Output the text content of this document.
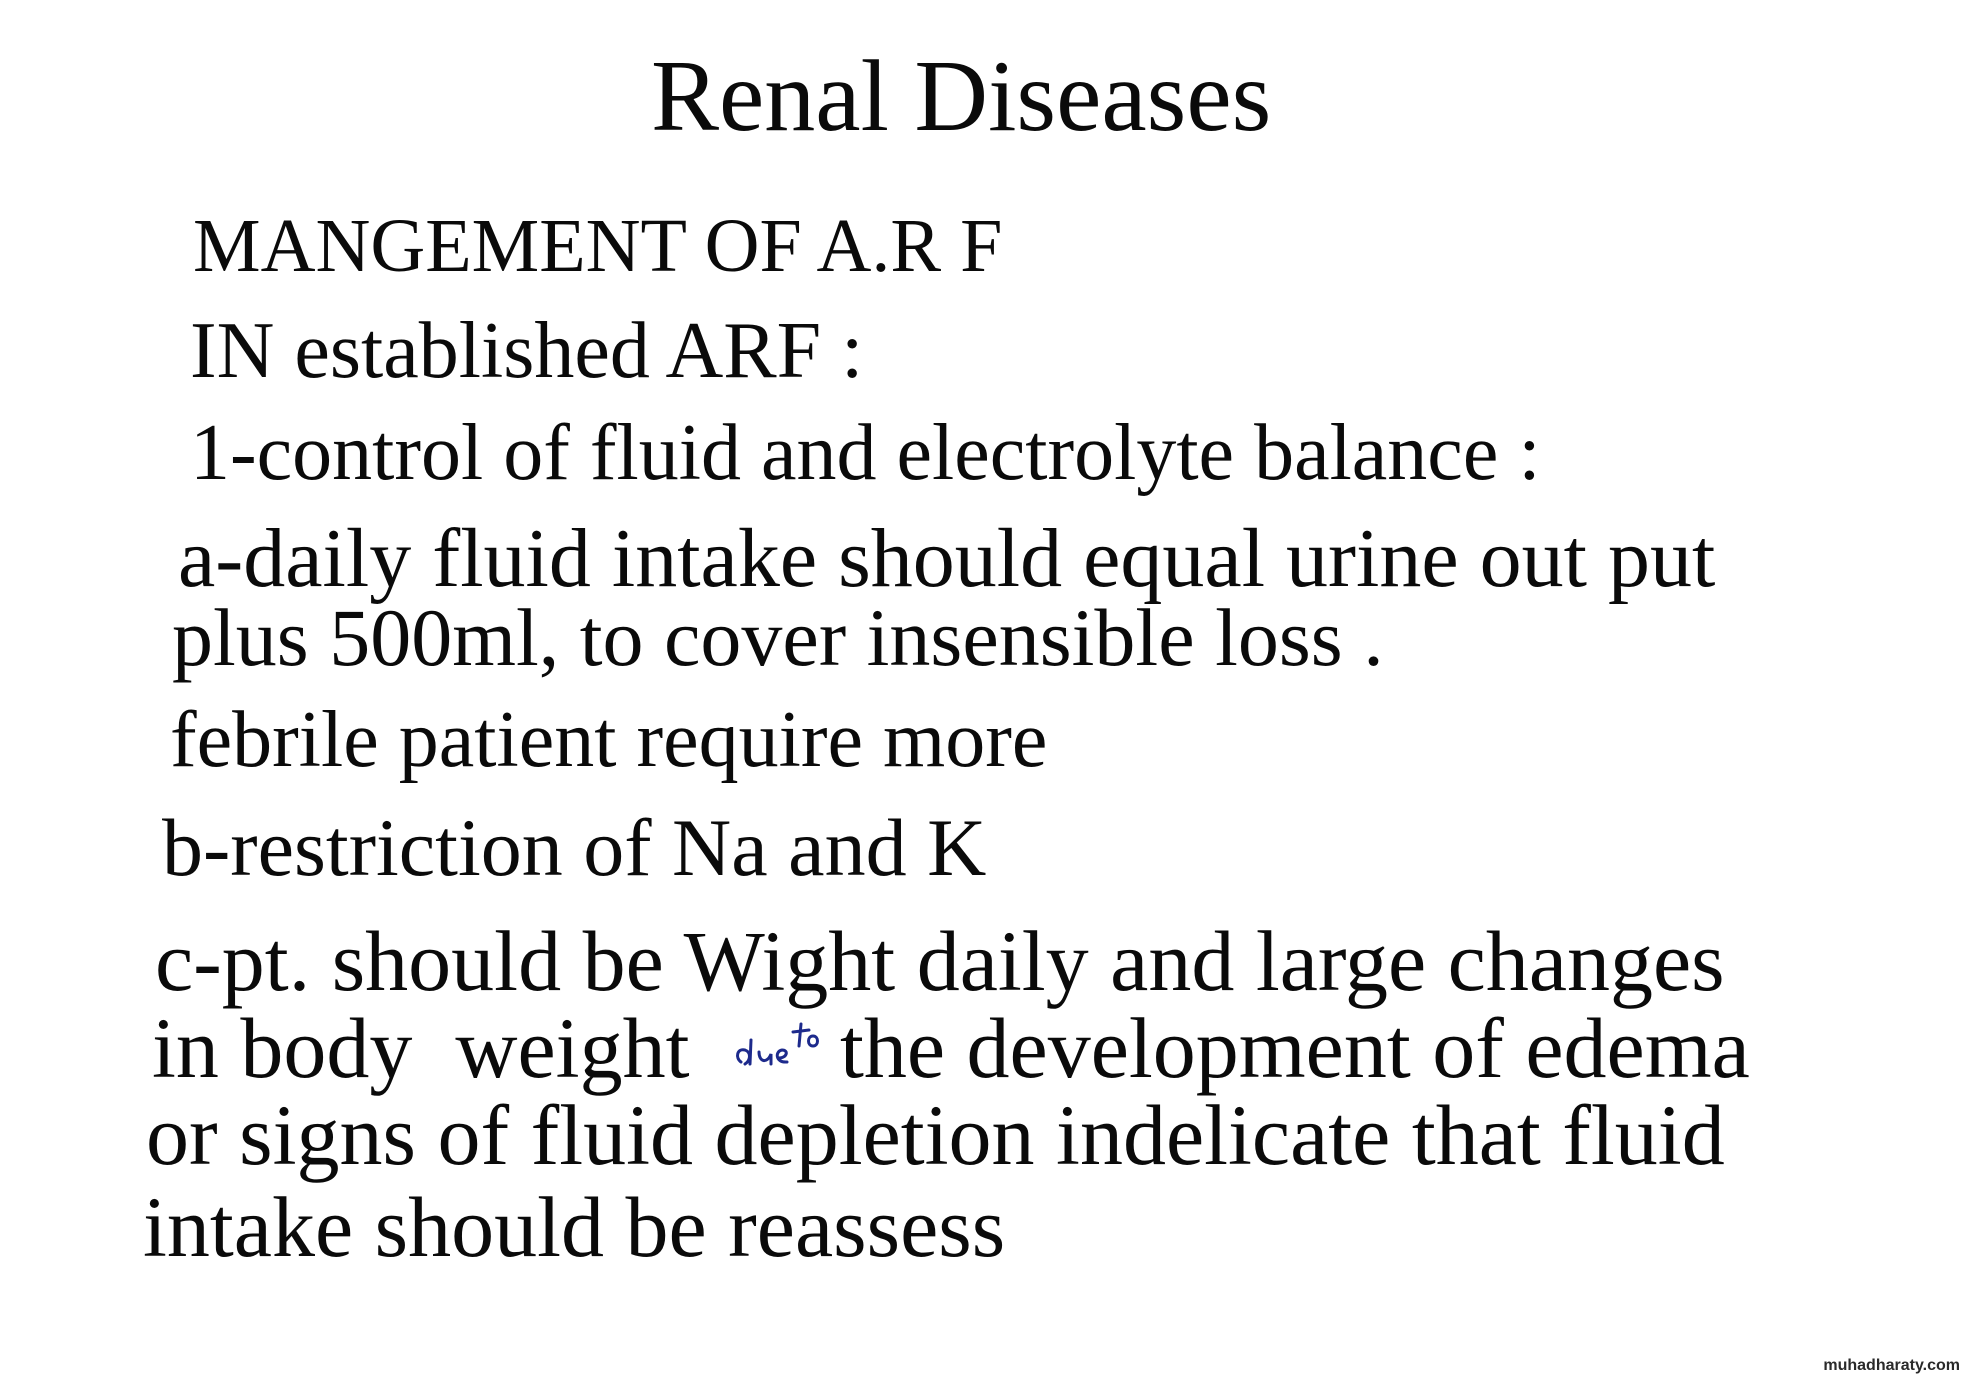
Renal Diseases

MANGEMENT OF A.R F

IN established ARF :

1-control of fluid and electrolyte balance :

a-daily fluid intake should equal urine out put

plus 500ml, to cover insensible loss .

febrile patient require more

b-restriction of Na and K

c-pt. should be Wight daily and large changes

in body  weight       the development of edema

or signs of fluid depletion indelicate that fluid

intake should be reassess

muhadharaty.com
